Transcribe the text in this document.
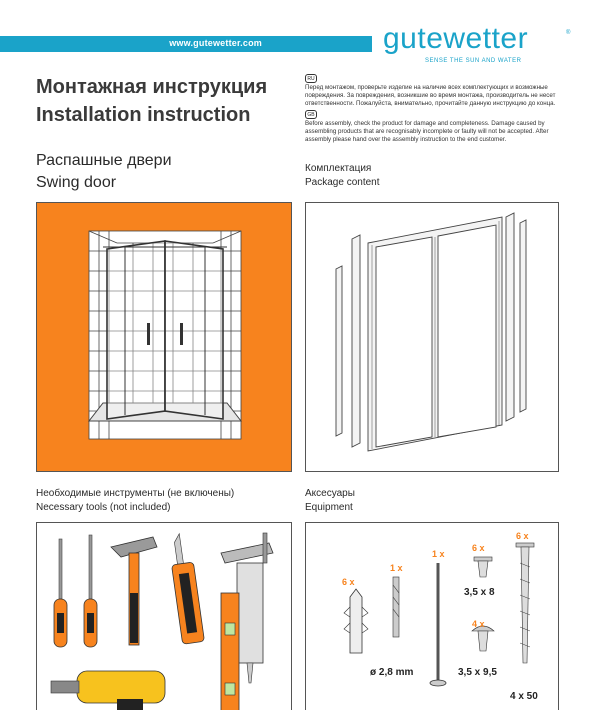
www.gutewetter.com	gutewetter	®
SENSE THE SUN AND WATER
Монтажная инструкция
Installation instruction
RU
Перед монтажом, проверьте изделие на наличие всех комплектующих и возможные повреждения. За повреждения, возникшие во время монтажа, производитель не несет ответственности. Пожалуйста, внимательно, прочитайте данную инструкцию до конца.
GB
Before assembly, check the product for damage and completeness. Damage caused by assembling products that are recognisably incomplete or faulty will not be accepted. After assembly please hand over the assembly instruction to the end customer.
Распашные двери
Swing door
Комплектация
Package content
Необходимые инструменты (не включены)
Necessary tools (not included)
Аксесуары
Equipment
6 x
1 x
ø 2,8 mm
1 x
6 x
3,5 x 8
4 x
3,5 x 9,5
6 x
4 x 50
